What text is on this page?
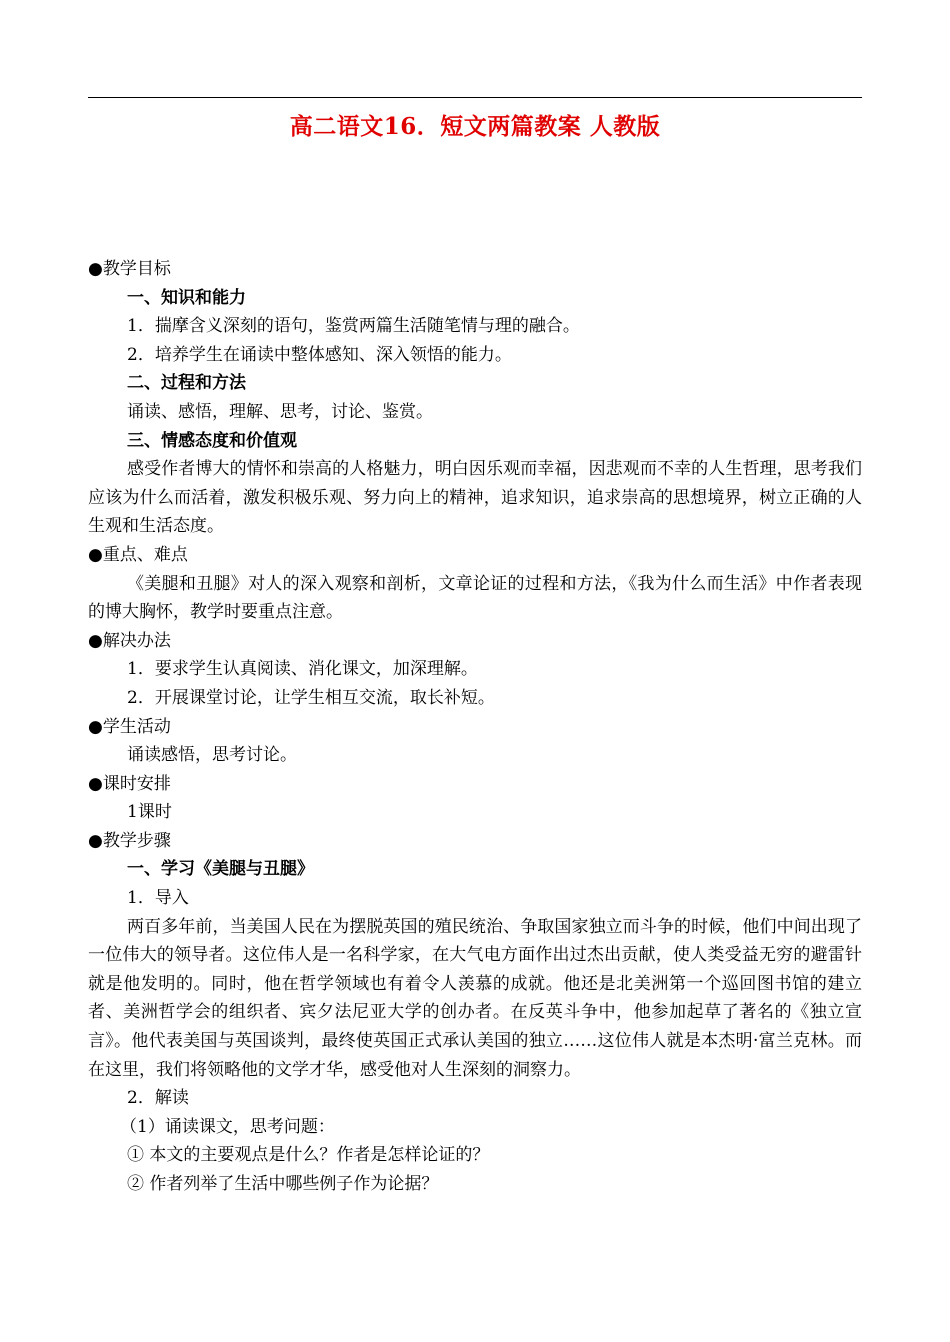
高二语文16．短文两篇教案 人教版

●教学目标

一、知识和能力

1．揣摩含义深刻的语句，鉴赏两篇生活随笔情与理的融合。

2．培养学生在诵读中整体感知、深入领悟的能力。

二、过程和方法

诵读、感悟，理解、思考，讨论、鉴赏。

三、情感态度和价值观

感受作者博大的情怀和崇高的人格魅力，明白因乐观而幸福，因悲观而不幸的人生哲理，思考我们应该为什么而活着，激发积极乐观、努力向上的精神，追求知识，追求崇高的思想境界，树立正确的人生观和生活态度。

●重点、难点

《美腿和丑腿》对人的深入观察和剖析，文章论证的过程和方法，《我为什么而生活》中作者表现的博大胸怀，教学时要重点注意。

●解决办法

1．要求学生认真阅读、消化课文，加深理解。

2．开展课堂讨论，让学生相互交流，取长补短。

●学生活动

诵读感悟，思考讨论。

●课时安排

1课时

●教学步骤

一、学习《美腿与丑腿》

1．导入

两百多年前，当美国人民在为摆脱英国的殖民统治、争取国家独立而斗争的时候，他们中间出现了一位伟大的领导者。这位伟人是一名科学家，在大气电方面作出过杰出贡献，使人类受益无穷的避雷针就是他发明的。同时，他在哲学领域也有着令人羡慕的成就。他还是北美洲第一个巡回图书馆的建立者、美洲哲学会的组织者、宾夕法尼亚大学的创办者。在反英斗争中，他参加起草了著名的《独立宣言》。他代表美国与英国谈判，最终使英国正式承认美国的独立……这位伟人就是本杰明·富兰克林。而在这里，我们将领略他的文学才华，感受他对人生深刻的洞察力。

2．解读

（1）诵读课文，思考问题：

① 本文的主要观点是什么？作者是怎样论证的？

② 作者列举了生活中哪些例子作为论据？
